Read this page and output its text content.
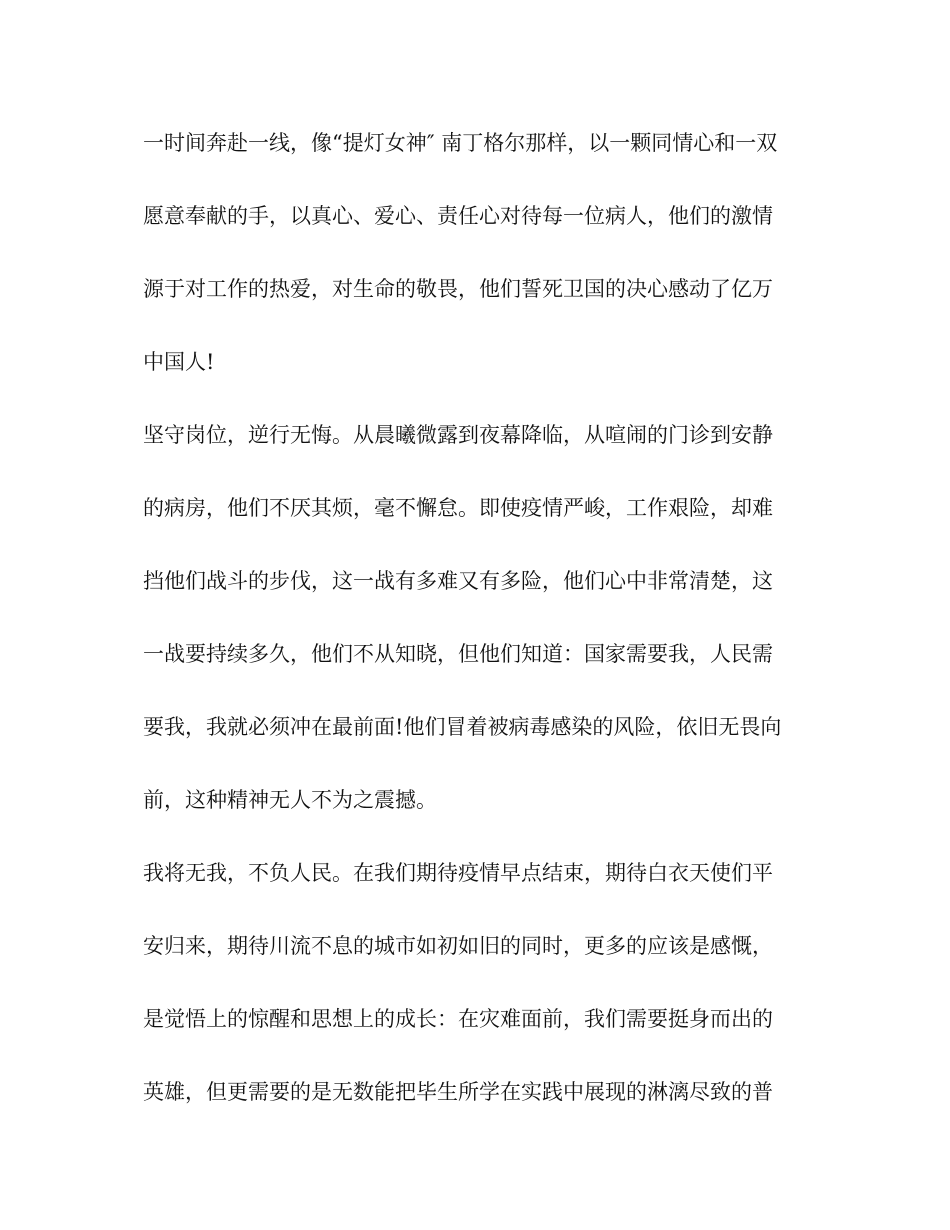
一时间奔赴一线，像“提灯女神″ 南丁格尔那样，以一颗同情心和一双
愿意奉献的手，以真心、爱心、责任心对待每一位病人，他们的激情
源于对工作的热爱，对生命的敬畏，他们誓死卫国的决心感动了亿万
中国人!
坚守岗位，逆行无悔。从晨曦微露到夜幕降临，从喧闹的门诊到安静
的病房，他们不厌其烦，毫不懈怠。即使疫情严峻，工作艰险，却难
挡他们战斗的步伐，这一战有多难又有多险，他们心中非常清楚，这
一战要持续多久，他们不从知晓，但他们知道：国家需要我，人民需
要我，我就必须冲在最前面!他们冒着被病毒感染的风险，依旧无畏向
前，这种精神无人不为之震撼。
我将无我，不负人民。在我们期待疫情早点结束，期待白衣天使们平
安归来，期待川流不息的城市如初如旧的同时，更多的应该是感慨，
是觉悟上的惊醒和思想上的成长：在灾难面前，我们需要挺身而出的
英雄，但更需要的是无数能把毕生所学在实践中展现的淋漓尽致的普
